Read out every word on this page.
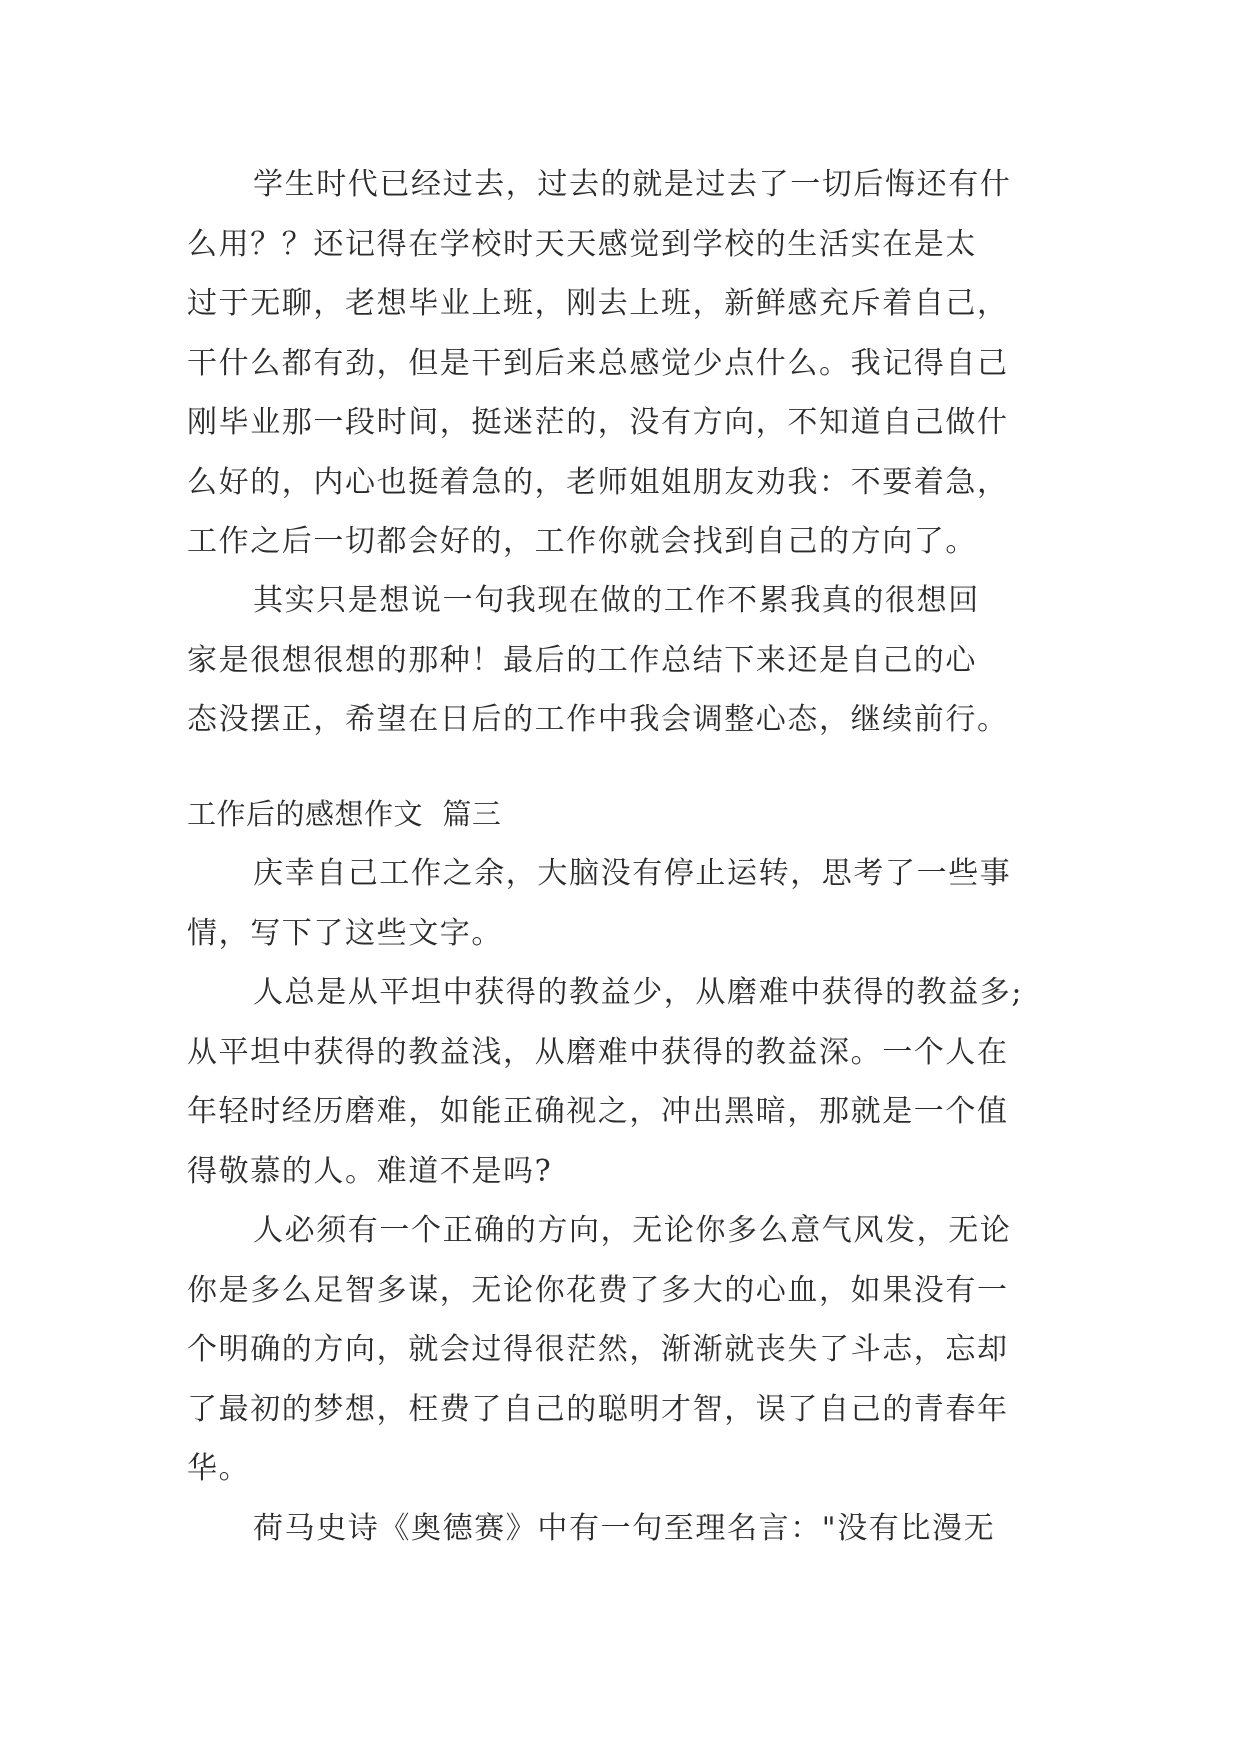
学生时代已经过去，过去的就是过去了一切后悔还有什
么用？？还记得在学校时天天感觉到学校的生活实在是太
过于无聊，老想毕业上班，刚去上班，新鲜感充斥着自己，
干什么都有劲，但是干到后来总感觉少点什么。我记得自己
刚毕业那一段时间，挺迷茫的，没有方向，不知道自己做什
么好的，内心也挺着急的，老师姐姐朋友劝我：不要着急，
工作之后一切都会好的，工作你就会找到自己的方向了。
其实只是想说一句我现在做的工作不累我真的很想回
家是很想很想的那种！最后的工作总结下来还是自己的心
态没摆正，希望在日后的工作中我会调整心态，继续前行。
工作后的感想作文  篇三
庆幸自己工作之余，大脑没有停止运转，思考了一些事
情，写下了这些文字。
人总是从平坦中获得的教益少，从磨难中获得的教益多;
从平坦中获得的教益浅，从磨难中获得的教益深。一个人在
年轻时经历磨难，如能正确视之，冲出黑暗，那就是一个值
得敬慕的人。难道不是吗?
人必须有一个正确的方向，无论你多么意气风发，无论
你是多么足智多谋，无论你花费了多大的心血，如果没有一
个明确的方向，就会过得很茫然，渐渐就丧失了斗志，忘却
了最初的梦想，枉费了自己的聪明才智，误了自己的青春年
华。
荷马史诗《奥德赛》中有一句至理名言："没有比漫无
